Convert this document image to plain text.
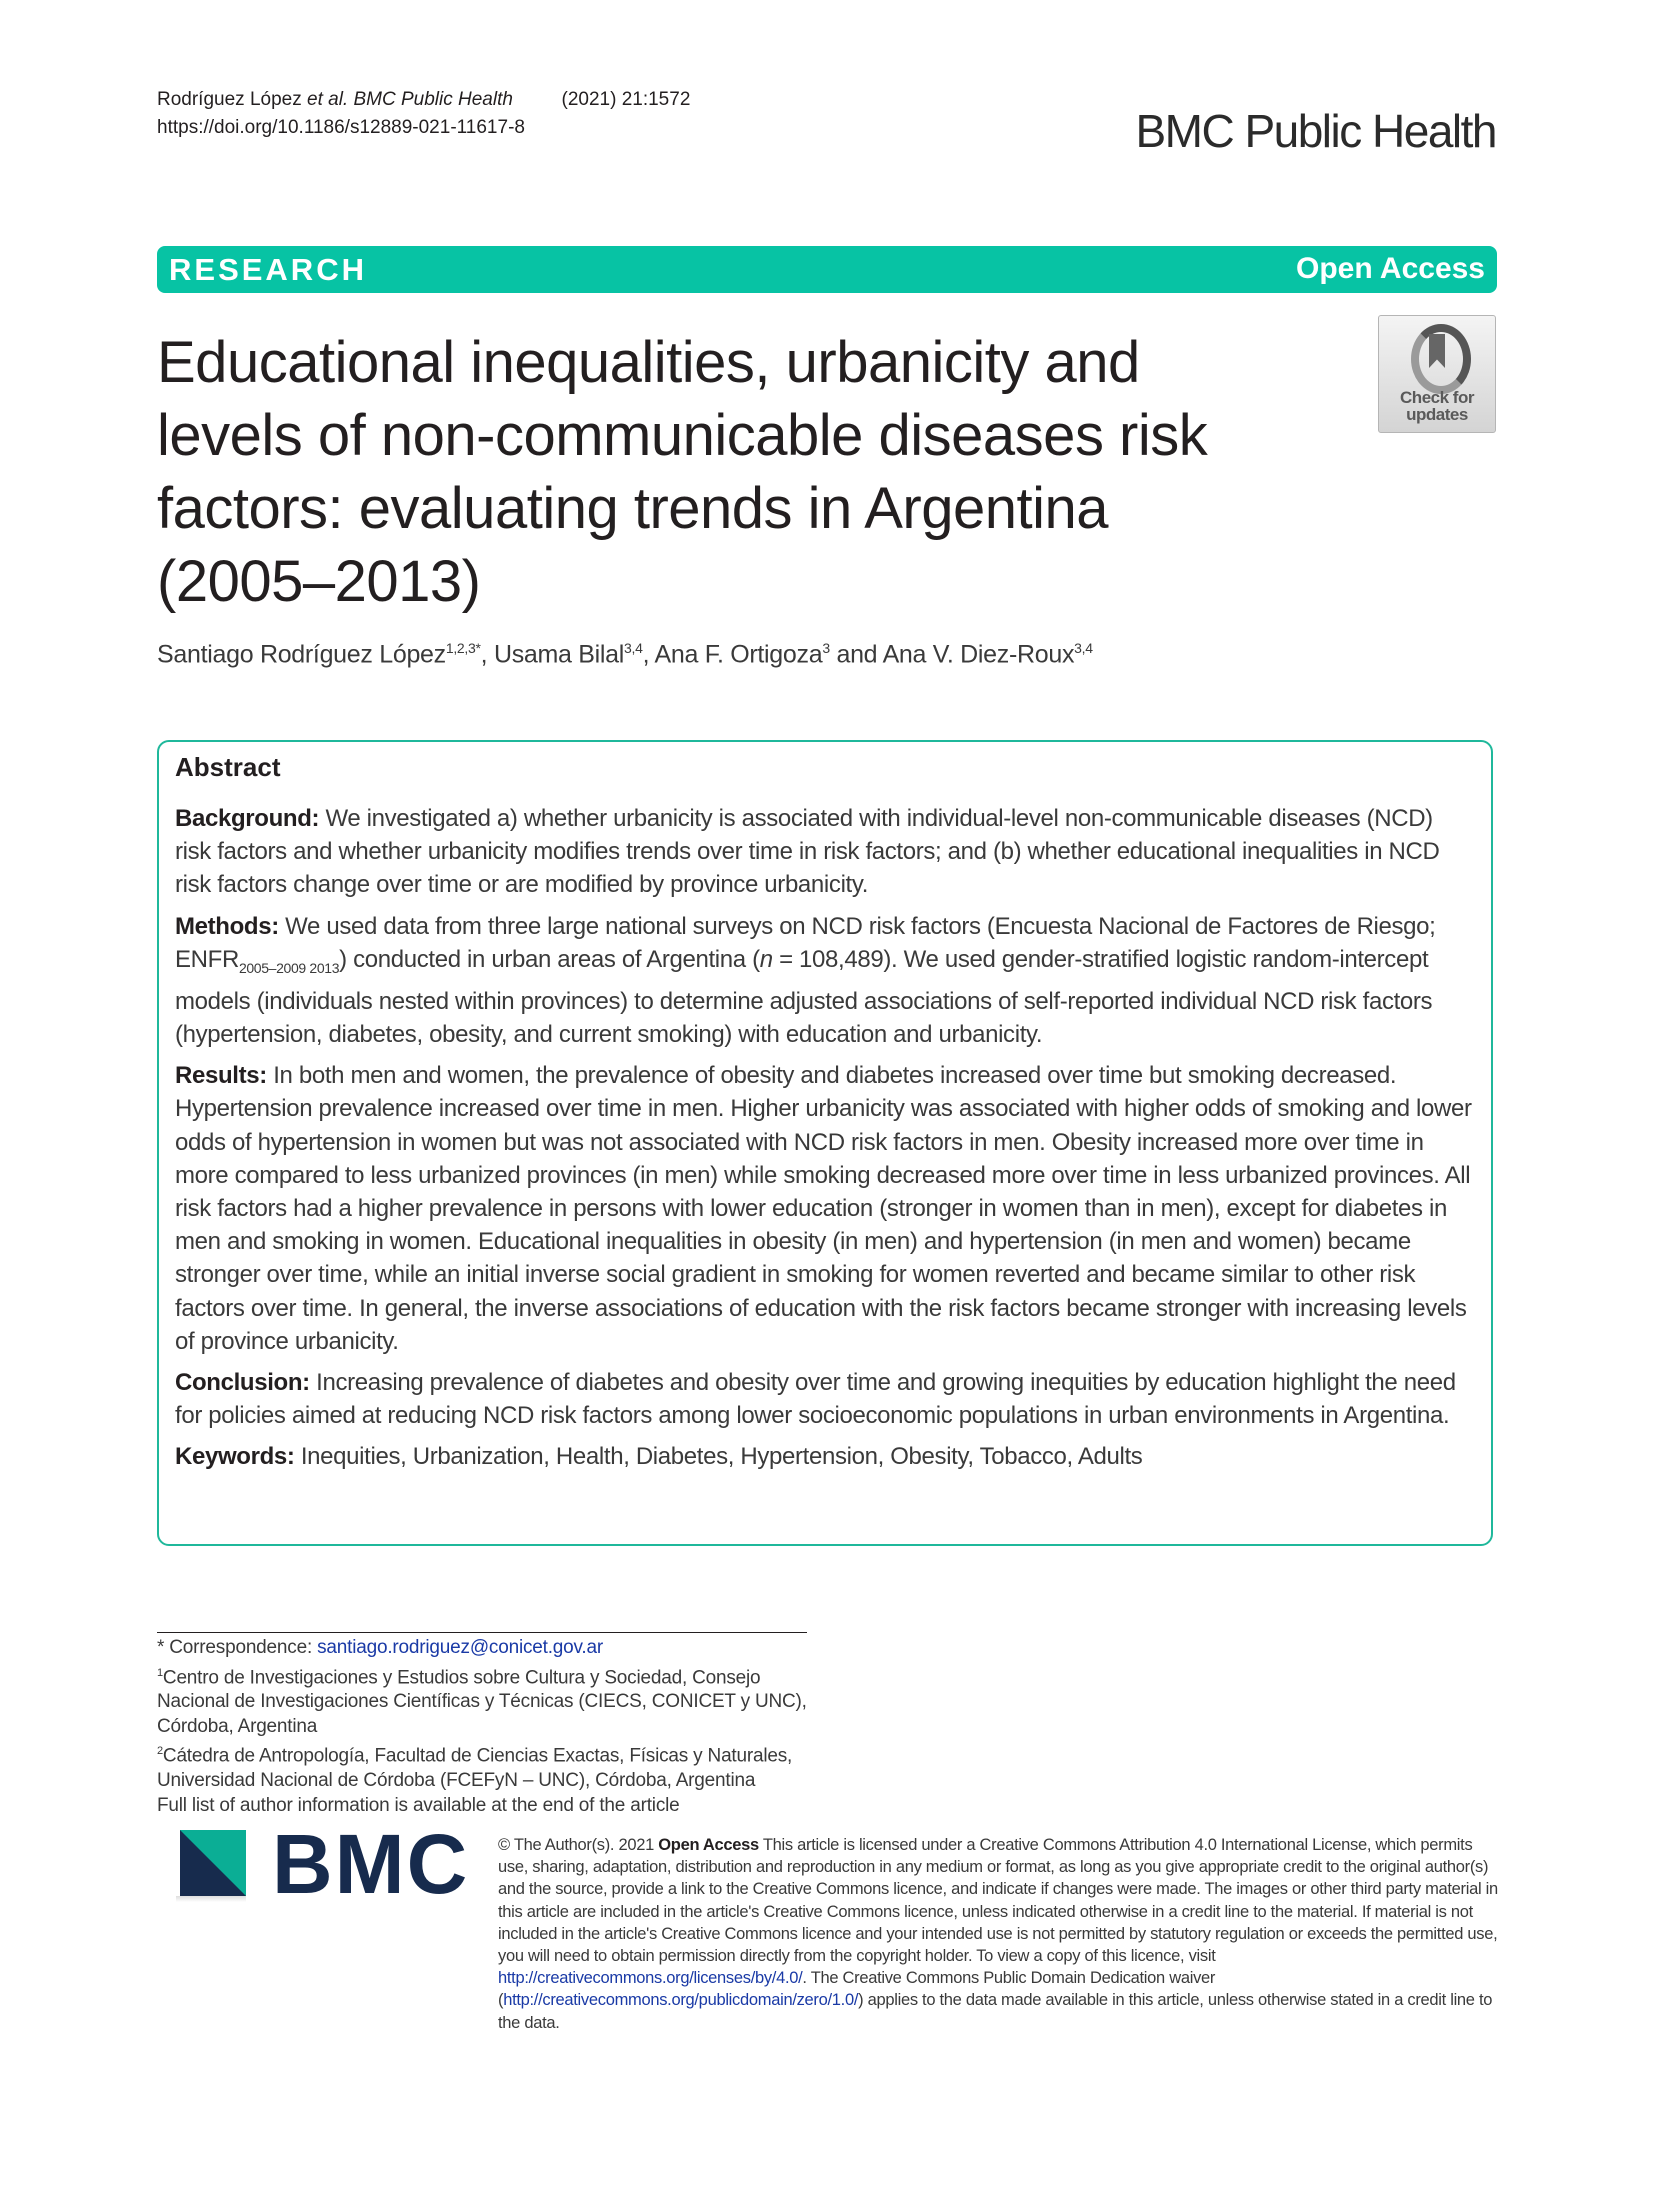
Rodríguez López et al. BMC Public Health	(2021) 21:1572
https://doi.org/10.1186/s12889-021-11617-8	BMC Public Health
RESEARCH	Open Access
Check for
updates
Educational inequalities, urbanicity and
levels of non-communicable diseases risk
factors: evaluating trends in Argentina
(2005–2013)
Santiago Rodríguez López$^{1,2,3*}$, Usama Bilal$^{3,4}$, Ana F. Ortigoza$^3$ and Ana V. Diez-Roux$^{3,4}$
Abstract

Background: We investigated a) whether urbanicity is associated with individual-level non-communicable diseases (NCD) risk factors and whether urbanicity modifies trends over time in risk factors; and (b) whether educational inequalities in NCD risk factors change over time or are modified by province urbanicity.

Methods: We used data from three large national surveys on NCD risk factors (Encuesta Nacional de Factores de Riesgo; $ENFR_{2005-2009 2013}$) conducted in urban areas of Argentina (n = 108,489). We used gender-stratified logistic random-intercept models (individuals nested within provinces) to determine adjusted associations of self-reported individual NCD risk factors (hypertension, diabetes, obesity, and current smoking) with education and urbanicity.

Results: In both men and women, the prevalence of obesity and diabetes increased over time but smoking decreased. Hypertension prevalence increased over time in men. Higher urbanicity was associated with higher odds of smoking and lower odds of hypertension in women but was not associated with NCD risk factors in men. Obesity increased more over time in more compared to less urbanized provinces (in men) while smoking decreased more over time in less urbanized provinces. All risk factors had a higher prevalence in persons with lower education (stronger in women than in men), except for diabetes in men and smoking in women. Educational inequalities in obesity (in men) and hypertension (in men and women) became stronger over time, while an initial inverse social gradient in smoking for women reverted and became similar to other risk factors over time. In general, the inverse associations of education with the risk factors became stronger with increasing levels of province urbanicity.

Conclusion: Increasing prevalence of diabetes and obesity over time and growing inequities by education highlight the need for policies aimed at reducing NCD risk factors among lower socioeconomic populations in urban environments in Argentina.

Keywords: Inequities, Urbanization, Health, Diabetes, Hypertension, Obesity, Tobacco, Adults

* Correspondence: santiago.rodriguez@conicet.gov.ar
$^1$Centro de Investigaciones y Estudios sobre Cultura y Sociedad, Consejo Nacional de Investigaciones Científicas y Técnicas (CIECS, CONICET y UNC), Córdoba, Argentina
$^2$Cátedra de Antropología, Facultad de Ciencias Exactas, Físicas y Naturales, Universidad Nacional de Córdoba (FCEFyN – UNC), Córdoba, Argentina
Full list of author information is available at the end of the article
BMC © The Author(s). 2021 Open Access This article is licensed under a Creative Commons Attribution 4.0 International License, which permits use, sharing, adaptation, distribution and reproduction in any medium or format, as long as you give appropriate credit to the original author(s) and the source, provide a link to the Creative Commons licence, and indicate if changes were made. The images or other third party material in this article are included in the article's Creative Commons licence, unless indicated otherwise in a credit line to the material. If material is not included in the article's Creative Commons licence and your intended use is not permitted by statutory regulation or exceeds the permitted use, you will need to obtain permission directly from the copyright holder. To view a copy of this licence, visit http://creativecommons.org/licenses/by/4.0/. The Creative Commons Public Domain Dedication waiver (http://creativecommons.org/publicdomain/zero/1.0/) applies to the data made available in this article, unless otherwise stated in a credit line to the data.
